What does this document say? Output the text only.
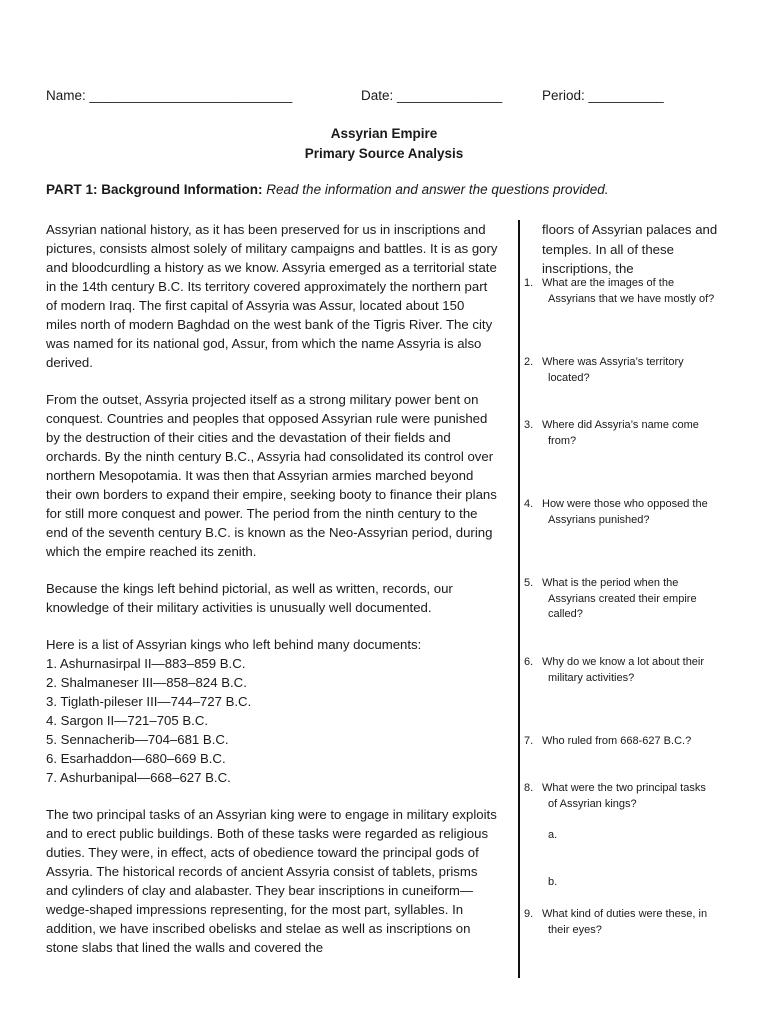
Name: ___________________________	Date: ______________	Period: __________
Assyrian Empire
Primary Source Analysis
PART 1: Background Information: Read the information and answer the questions provided.

Assyrian national history, as it has been preserved for us in inscriptions and pictures, consists almost solely of military campaigns and battles. It is as gory and bloodcurdling a history as we know. Assyria emerged as a territorial state in the 14th century B.C. Its territory covered approximately the northern part of modern Iraq. The first capital of Assyria was Assur, located about 150 miles north of modern Baghdad on the west bank of the Tigris River. The city was named for its national god, Assur, from which the name Assyria is also derived.

From the outset, Assyria projected itself as a strong military power bent on conquest. Countries and peoples that opposed Assyrian rule were punished by the destruction of their cities and the devastation of their fields and orchards. By the ninth century B.C., Assyria had consolidated its control over northern Mesopotamia. It was then that Assyrian armies marched beyond their own borders to expand their empire, seeking booty to finance their plans for still more conquest and power. The period from the ninth century to the end of the seventh century B.C. is known as the Neo-Assyrian period, during which the empire reached its zenith.

Because the kings left behind pictorial, as well as written, records, our knowledge of their military activities is unusually well documented.

Here is a list of Assyrian kings who left behind many documents:

1. Ashurnasirpal II—883–859 B.C.
2. Shalmaneser III—858–824 B.C.
3. Tiglath-pileser III—744–727 B.C.
4. Sargon II—721–705 B.C.
5. Sennacherib—704–681 B.C.
6. Esarhaddon—680–669 B.C.
7. Ashurbanipal—668–627 B.C.

The two principal tasks of an Assyrian king were to engage in military exploits and to erect public buildings. Both of these tasks were regarded as religious duties. They were, in effect, acts of obedience toward the principal gods of Assyria. The historical records of ancient Assyria consist of tablets, prisms and cylinders of clay and alabaster. They bear inscriptions in cuneiform—wedge-shaped impressions representing, for the most part, syllables. In addition, we have inscribed obelisks and stelae as well as inscriptions on stone slabs that lined the walls and covered the

floors of Assyrian palaces and temples. In all of these inscriptions, the
1. What are the images of the
Assyrians that we have mostly of?
2. Where was Assyria’s territory
located?
3. Where did Assyria’s name come
from?
4. How were those who opposed the
Assyrians punished?
5. What is the period when the
Assyrians created their empire
called?
6. Why do we know a lot about their
military activities?
7. Who ruled from 668-627 B.C.?
8. What were the two principal tasks
of Assyrian kings?
a.
b.
9. What kind of duties were these, in
their eyes?
